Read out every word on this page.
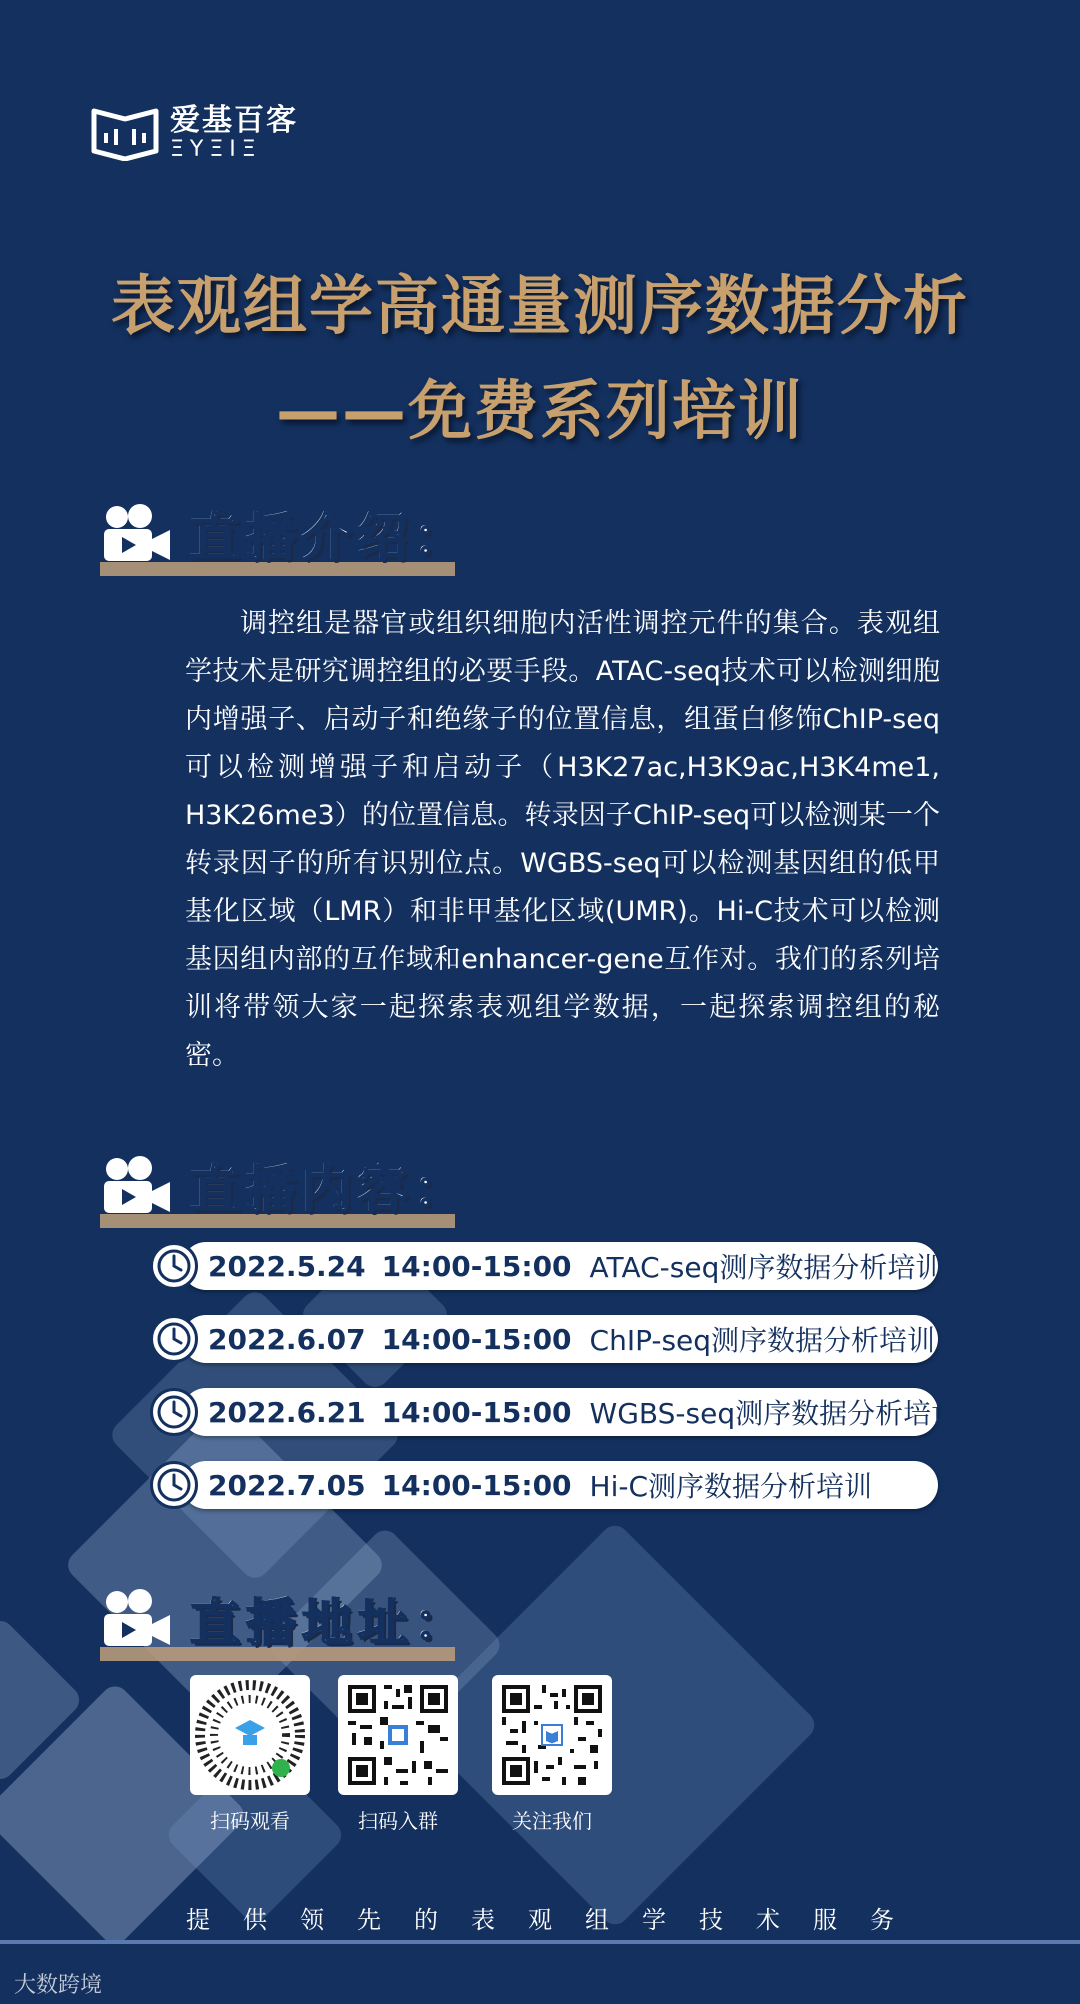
爱基百客
ΞΥΞΙΞ
表观组学高通量测序数据分析
——免费系列培训
直播介绍：
调控组是器官或组织细胞内活性调控元件的集合。表观组学技术是研究调控组的必要手段。ATAC-seq技术可以检测细胞内增强子、启动子和绝缘子的位置信息，组蛋白修饰ChIP-seq可以检测增强子和启动子（H3K27ac,H3K9ac,H3K4me1, H3K26me3）的位置信息。转录因子ChIP-seq可以检测某一个转录因子的所有识别位点。WGBS-seq可以检测基因组的低甲基化区域（LMR）和非甲基化区域(UMR)。Hi-C技术可以检测基因组内部的互作域和enhancer-gene互作对。我们的系列培训将带领大家一起探索表观组学数据，一起探索调控组的秘密。
直播内容：
2022.5.24 14:00-15:00 ATAC-seq测序数据分析培训
2022.6.07 14:00-15:00 ChIP-seq测序数据分析培训
2022.6.21 14:00-15:00 WGBS-seq测序数据分析培训
2022.7.05 14:00-15:00 Hi-C测序数据分析培训
直播地址：
扫码观看	扫码入群	关注我们
提供领先的表观组学技术服务
大数跨境
